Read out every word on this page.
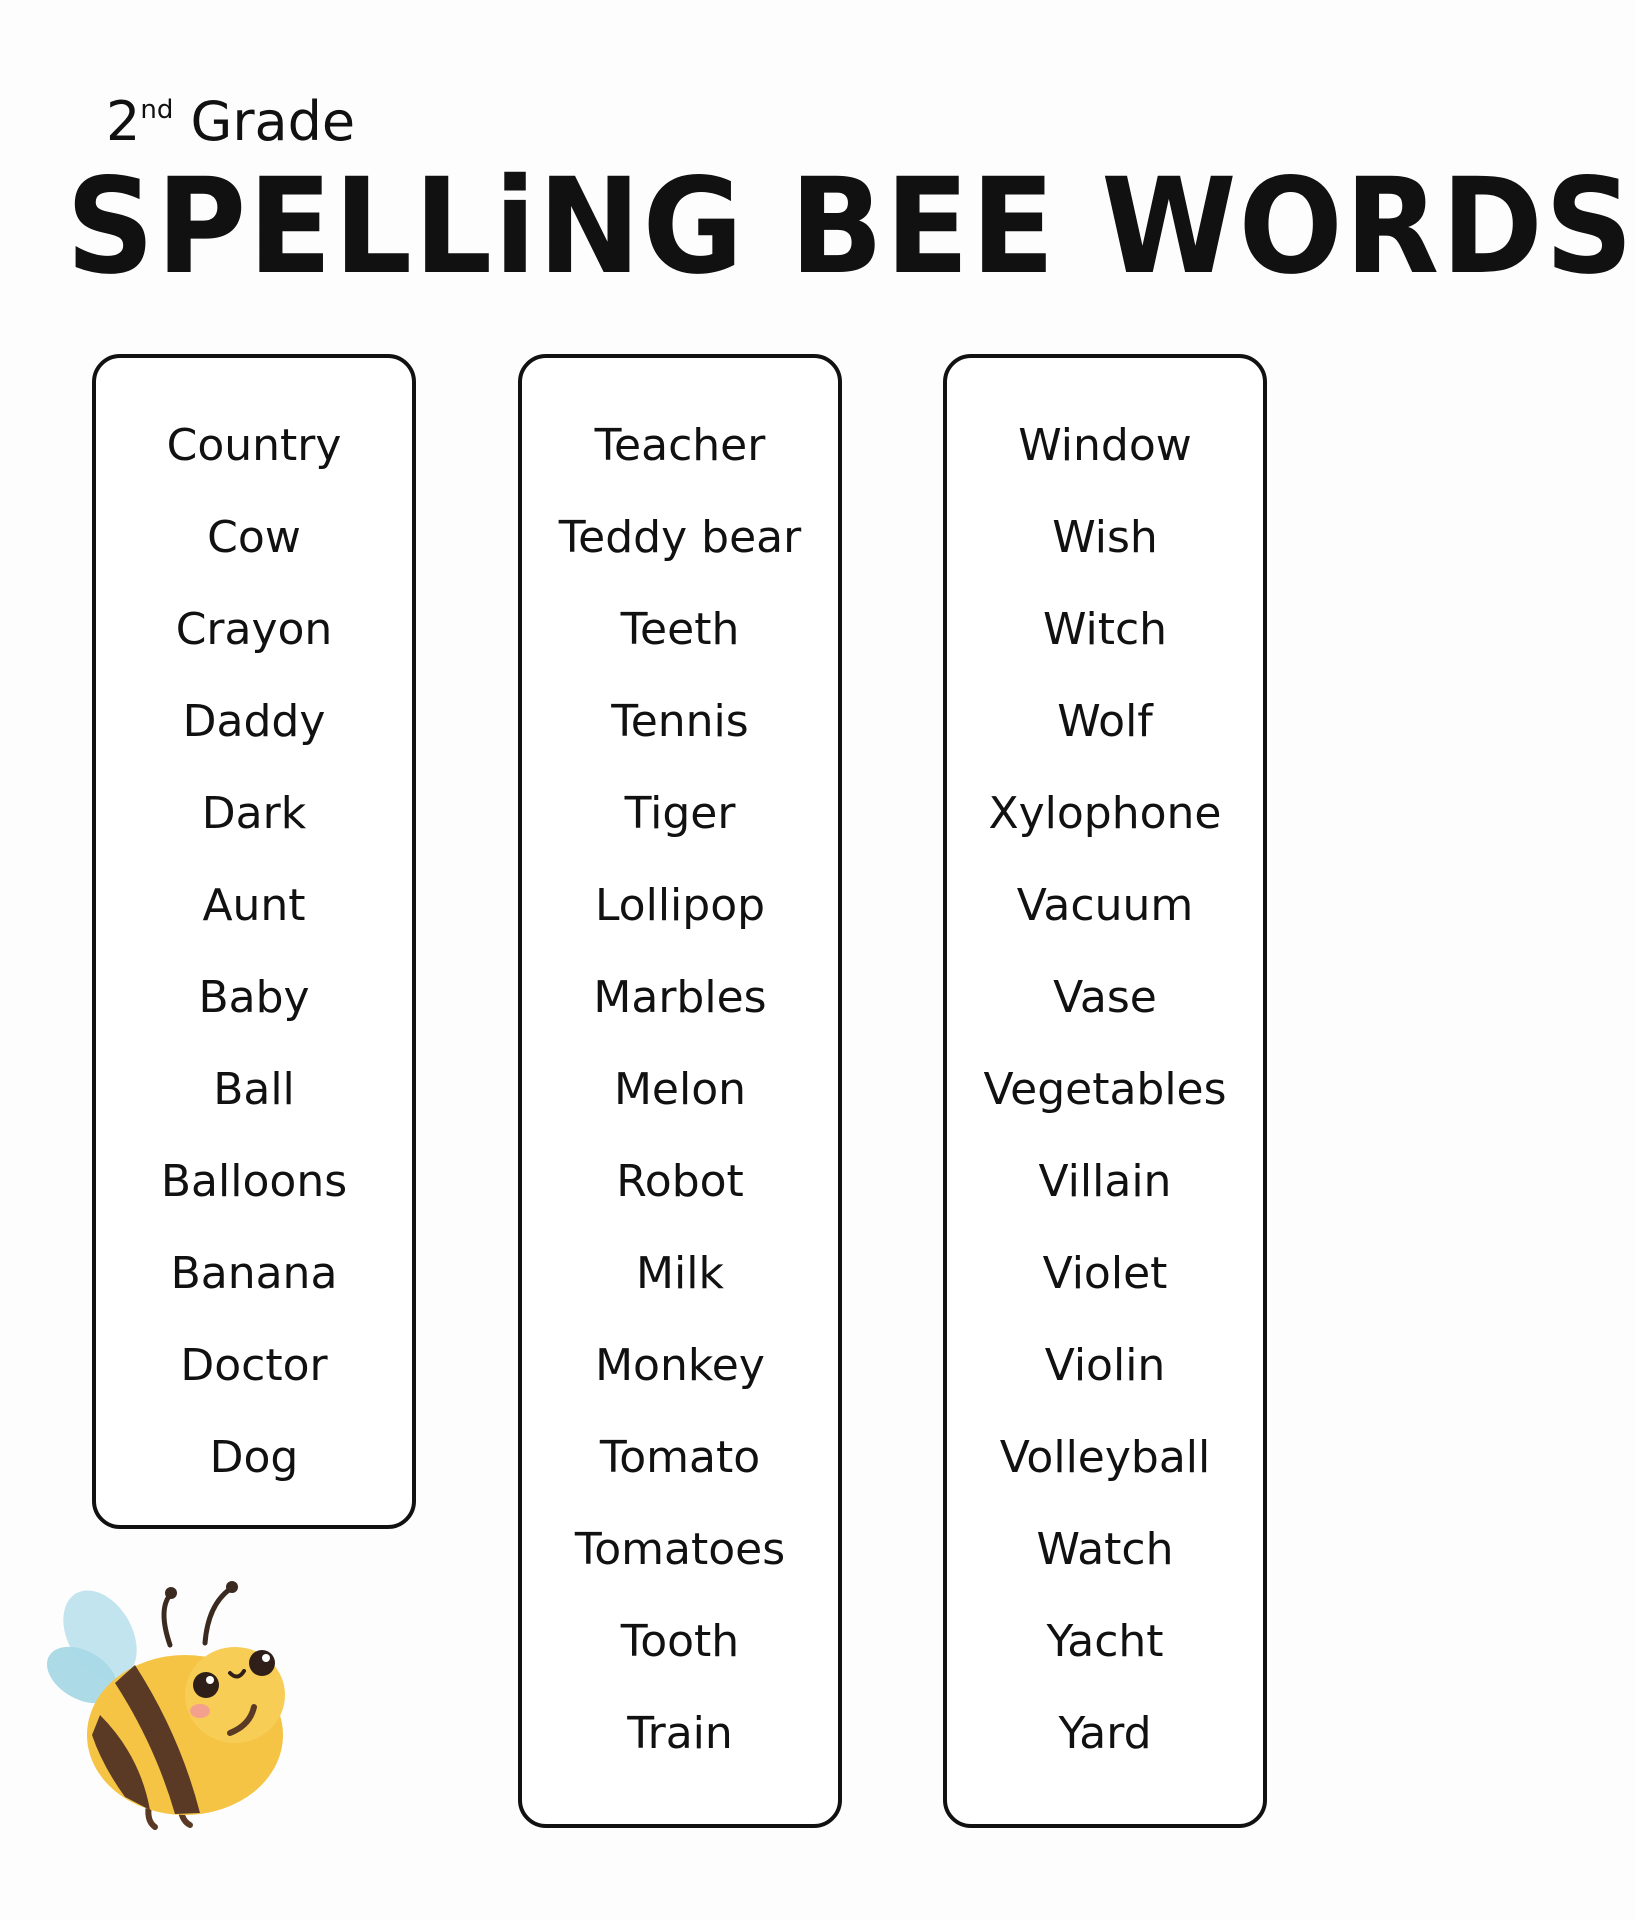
2nd Grade
SPELLiNG BEE WORDS
Country
Cow
Crayon
Daddy
Dark
Aunt
Baby
Ball
Balloons
Banana
Doctor
Dog
Teacher
Teddy bear
Teeth
Tennis
Tiger
Lollipop
Marbles
Melon
Robot
Milk
Monkey
Tomato
Tomatoes
Tooth
Train
Window
Wish
Witch
Wolf
Xylophone
Vacuum
Vase
Vegetables
Villain
Violet
Violin
Volleyball
Watch
Yacht
Yard
